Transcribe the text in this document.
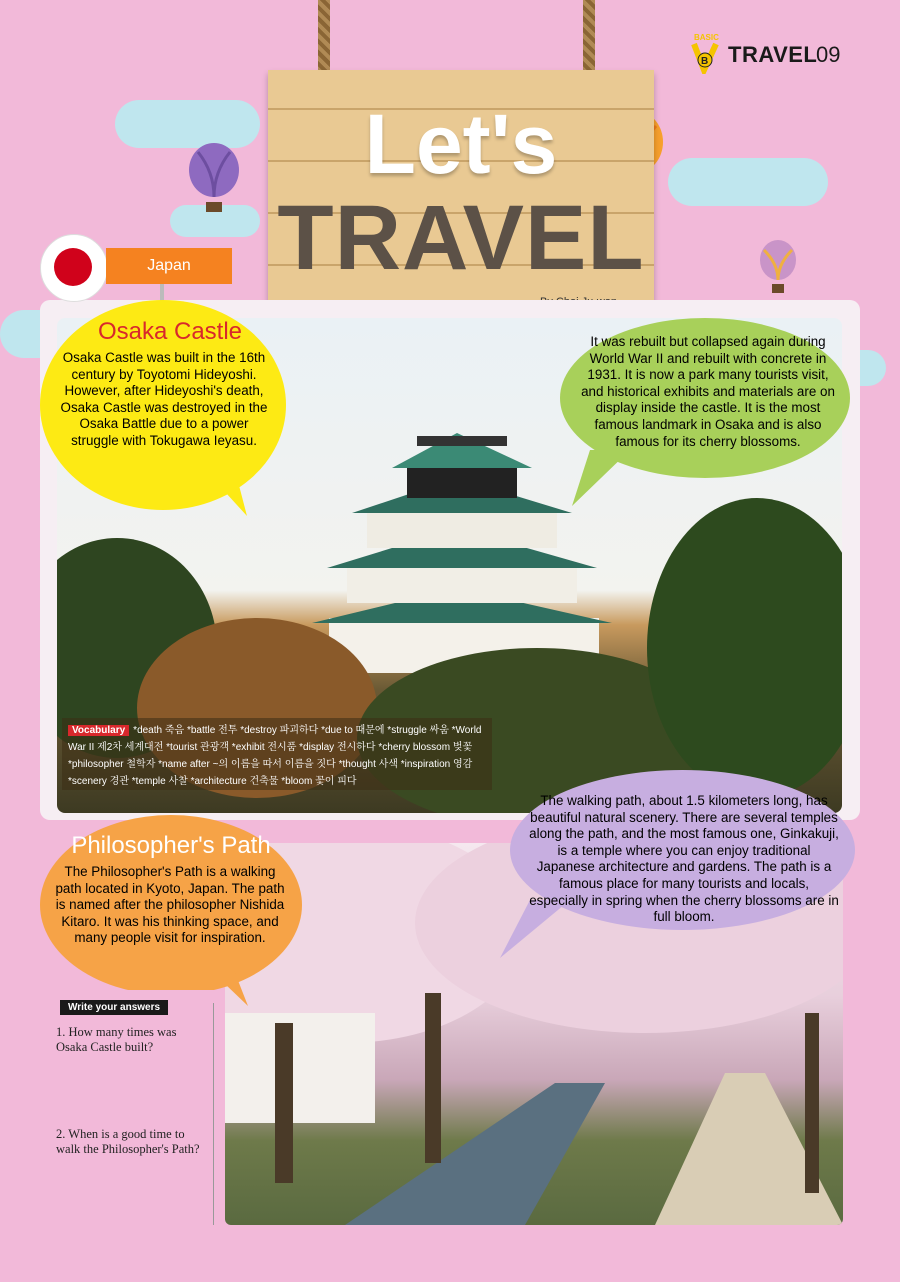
BASIC
B TRAVEL
09
Let's
TRAVEL
Japan
Osaka Castle
Osaka Castle was built in the 16th century by Toyotomi Hideyoshi. However, after Hideyoshi's death, Osaka Castle was destroyed in the Osaka Battle due to a power struggle with Tokugawa Ieyasu.
It was rebuilt but collapsed again during World War II and rebuilt with concrete in 1931. It is now a park many tourists visit, and historical exhibits and materials are on display inside the castle. It is the most famous landmark in Osaka and is also famous for its cherry blossoms.
Vocabulary *death 죽음 *battle 전투 *destroy 파괴하다 *due to 때문에 *struggle 싸움 *World War II 제2차 세계대전 *tourist 관광객 *exhibit 전시품 *display 전시하다 *cherry blossom 벚꽃 *philosopher 철학자 *name after ~의 이름을 따서 이름을 짓다 *thought 사색 *inspiration 영감 *scenery 경관 *temple 사찰 *architecture 건축물 *bloom 꽃이 피다
The walking path, about 1.5 kilometers long, has beautiful natural scenery. There are several temples along the path, and the most famous one, Ginkakuji, is a temple where you can enjoy traditional Japanese architecture and gardens. The path is a famous place for many tourists and locals, especially in spring when the cherry blossoms are in full bloom.
Philosopher's Path
The Philosopher's Path is a walking path located in Kyoto, Japan. The path is named after the philosopher Nishida Kitaro. It was his thinking space, and many people visit for inspiration.
Write your answers
1. How many times was Osaka Castle built?
2. When is a good time to walk the Philosopher's Path?
